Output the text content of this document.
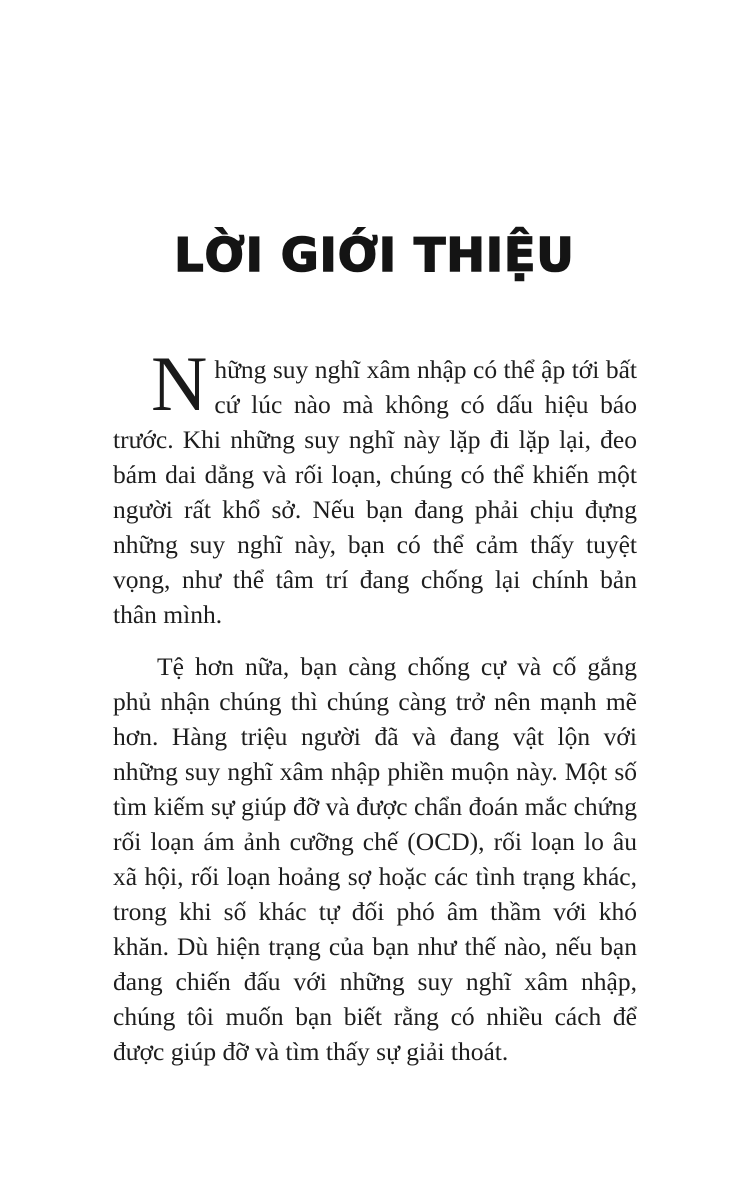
LỜI GIỚI THIỆU

Những suy nghĩ xâm nhập có thể ập tới bất cứ lúc nào mà không có dấu hiệu báo trước. Khi những suy nghĩ này lặp đi lặp lại, đeo bám dai dẳng và rối loạn, chúng có thể khiến một người rất khổ sở. Nếu bạn đang phải chịu đựng những suy nghĩ này, bạn có thể cảm thấy tuyệt vọng, như thể tâm trí đang chống lại chính bản thân mình.

Tệ hơn nữa, bạn càng chống cự và cố gắng phủ nhận chúng thì chúng càng trở nên mạnh mẽ hơn. Hàng triệu người đã và đang vật lộn với những suy nghĩ xâm nhập phiền muộn này. Một số tìm kiếm sự giúp đỡ và được chẩn đoán mắc chứng rối loạn ám ảnh cưỡng chế (OCD), rối loạn lo âu xã hội, rối loạn hoảng sợ hoặc các tình trạng khác, trong khi số khác tự đối phó âm thầm với khó khăn. Dù hiện trạng của bạn như thế nào, nếu bạn đang chiến đấu với những suy nghĩ xâm nhập, chúng tôi muốn bạn biết rằng có nhiều cách để được giúp đỡ và tìm thấy sự giải thoát.
